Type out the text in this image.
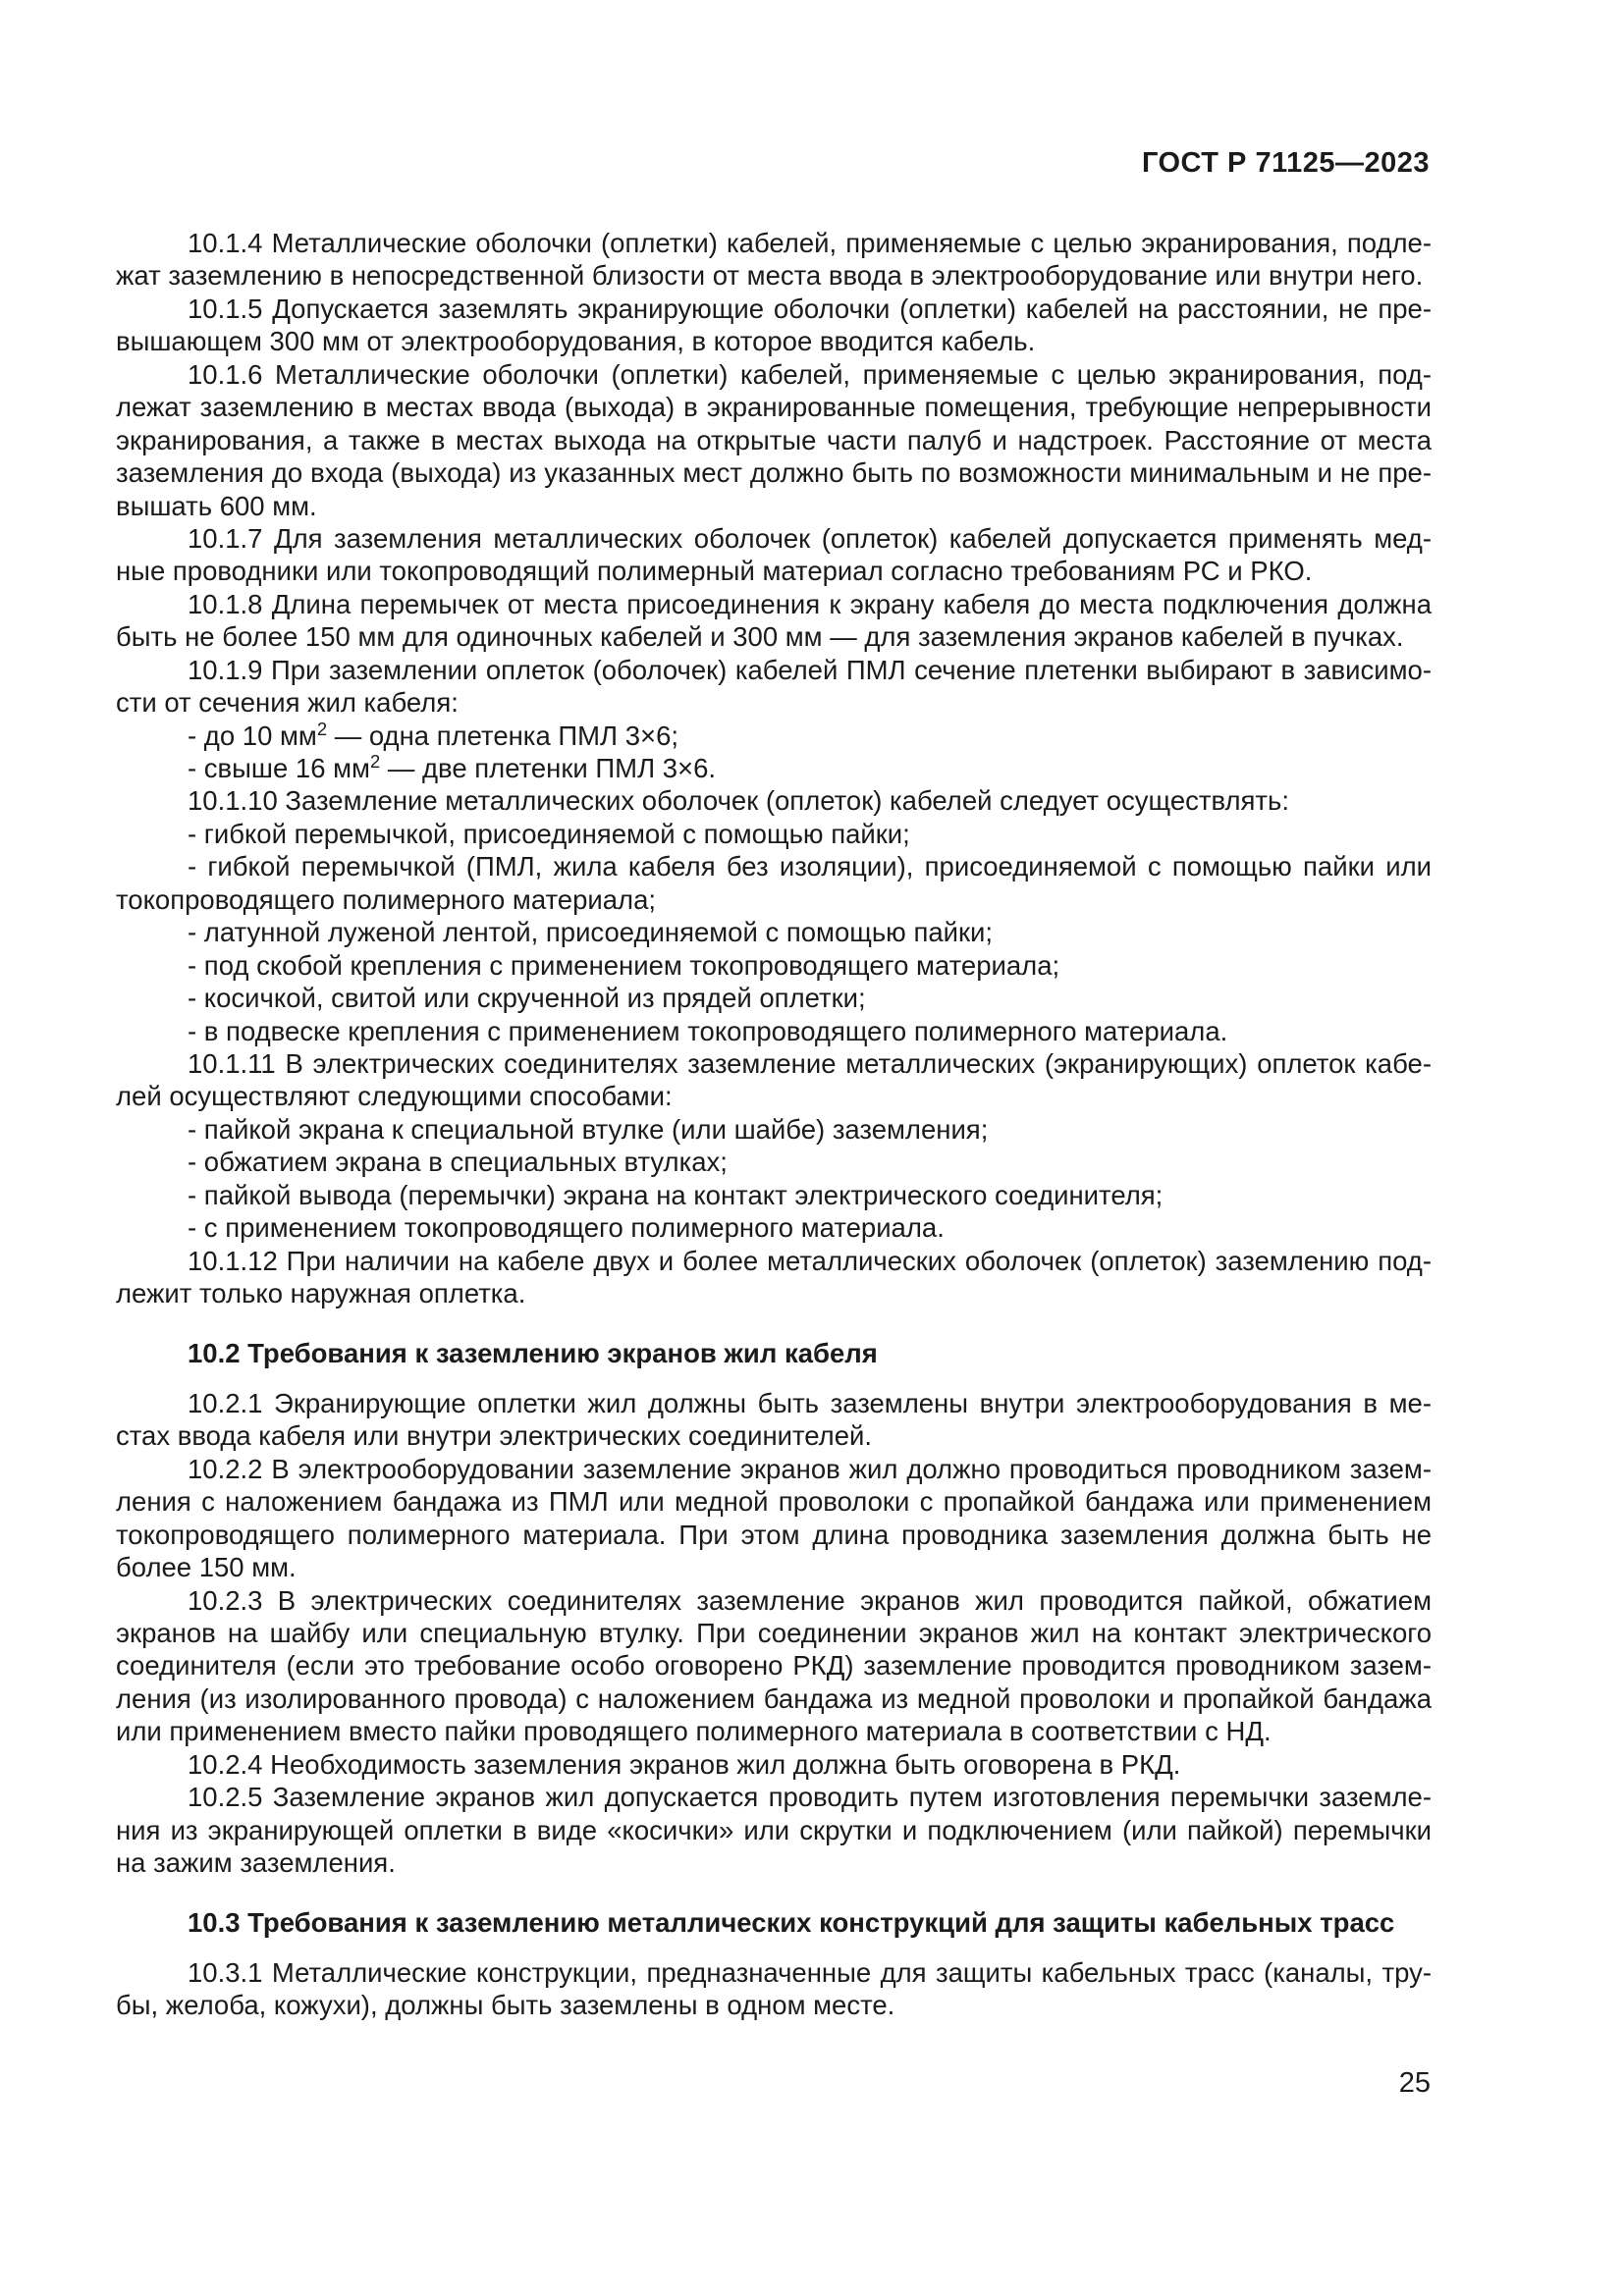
ГОСТ Р 71125—2023
10.1.4 Металлические оболочки (оплетки) кабелей, применяемые с целью экранирования, подле-
жат заземлению в непосредственной близости от места ввода в электрооборудование или внутри него.
10.1.5 Допускается заземлять экранирующие оболочки (оплетки) кабелей на расстоянии, не пре-
вышающем 300 мм от электрооборудования, в которое вводится кабель.
10.1.6 Металлические оболочки (оплетки) кабелей, применяемые с целью экранирования, под-
лежат заземлению в местах ввода (выхода) в экранированные помещения, требующие непрерывности
экранирования, а также в местах выхода на открытые части палуб и надстроек. Расстояние от места
заземления до входа (выхода) из указанных мест должно быть по возможности минимальным и не пре-
вышать 600 мм.
10.1.7 Для заземления металлических оболочек (оплеток) кабелей допускается применять мед-
ные проводники или токопроводящий полимерный материал согласно требованиям РС и РКО.
10.1.8 Длина перемычек от места присоединения к экрану кабеля до места подключения должна
быть не более 150 мм для одиночных кабелей и 300 мм — для заземления экранов кабелей в пучках.
10.1.9 При заземлении оплеток (оболочек) кабелей ПМЛ сечение плетенки выбирают в зависимо-
сти от сечения жил кабеля:
- до 10 $мм^2$ — одна плетенка ПМЛ 3×6;
- свыше 16 $мм^2$ — две плетенки ПМЛ 3×6.
10.1.10 Заземление металлических оболочек (оплеток) кабелей следует осуществлять:
- гибкой перемычкой, присоединяемой с помощью пайки;
- гибкой перемычкой (ПМЛ, жила кабеля без изоляции), присоединяемой с помощью пайки или
токопроводящего полимерного материала;
- латунной луженой лентой, присоединяемой с помощью пайки;
- под скобой крепления с применением токопроводящего материала;
- косичкой, свитой или скрученной из прядей оплетки;
- в подвеске крепления с применением токопроводящего полимерного материала.
10.1.11 В электрических соединителях заземление металлических (экранирующих) оплеток кабе-
лей осуществляют следующими способами:
- пайкой экрана к специальной втулке (или шайбе) заземления;
- обжатием экрана в специальных втулках;
- пайкой вывода (перемычки) экрана на контакт электрического соединителя;
- с применением токопроводящего полимерного материала.
10.1.12 При наличии на кабеле двух и более металлических оболочек (оплеток) заземлению под-
лежит только наружная оплетка.
10.2 Требования к заземлению экранов жил кабеля
10.2.1 Экранирующие оплетки жил должны быть заземлены внутри электрооборудования в ме-
стах ввода кабеля или внутри электрических соединителей.
10.2.2 В электрооборудовании заземление экранов жил должно проводиться проводником зазем-
ления с наложением бандажа из ПМЛ или медной проволоки с пропайкой бандажа или применением
токопроводящего полимерного материала. При этом длина проводника заземления должна быть не
более 150 мм.
10.2.3 В электрических соединителях заземление экранов жил проводится пайкой, обжатием
экранов на шайбу или специальную втулку. При соединении экранов жил на контакт электрического
соединителя (если это требование особо оговорено РКД) заземление проводится проводником зазем-
ления (из изолированного провода) с наложением бандажа из медной проволоки и пропайкой бандажа
или применением вместо пайки проводящего полимерного материала в соответствии с НД.
10.2.4 Необходимость заземления экранов жил должна быть оговорена в РКД.
10.2.5 Заземление экранов жил допускается проводить путем изготовления перемычки заземле-
ния из экранирующей оплетки в виде «косички» или скрутки и подключением (или пайкой) перемычки
на зажим заземления.
10.3 Требования к заземлению металлических конструкций для защиты кабельных трасс
10.3.1 Металлические конструкции, предназначенные для защиты кабельных трасс (каналы, тру-
бы, желоба, кожухи), должны быть заземлены в одном месте.
25
